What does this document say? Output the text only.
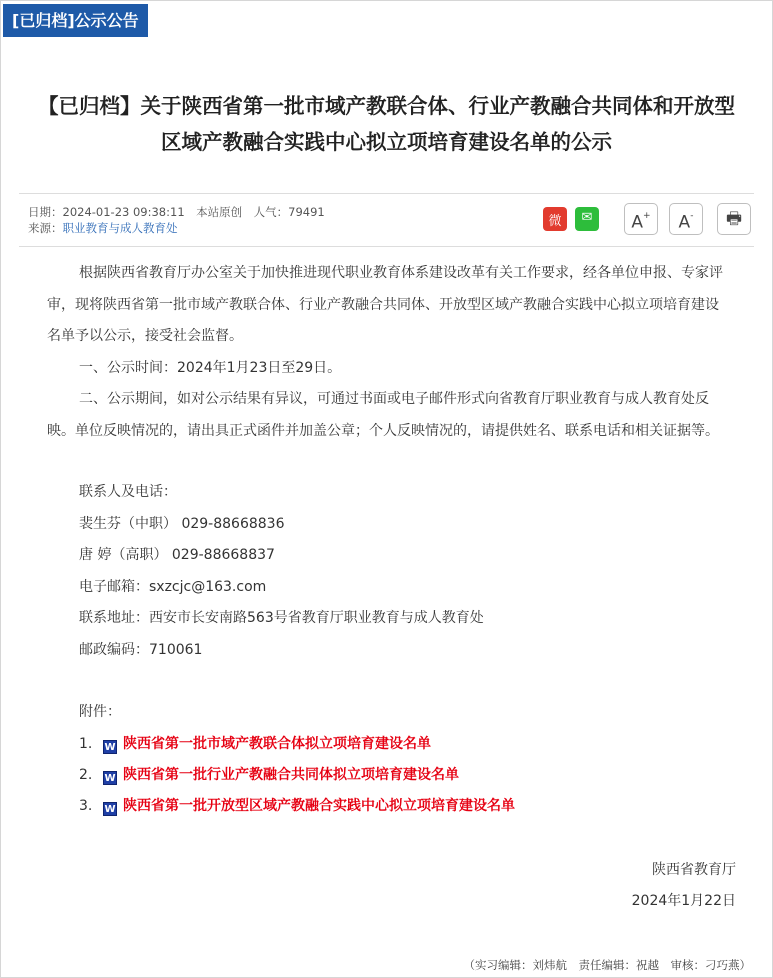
[已归档]公示公告
【已归档】关于陕西省第一批市域产教联合体、行业产教融合共同体和开放型
区域产教融合实践中心拟立项培育建设名单的公示
日期：2024-01-23 09:38:11　本站原创　人气：79491
来源：职业教育与成人教育处	微	✉	A+	A-	🖶

根据陕西省教育厅办公室关于加快推进现代职业教育体系建设改革有关工作要求，经各单位申报、专家评审，现将陕西省第一批市域产教联合体、行业产教融合共同体、开放型区域产教融合实践中心拟立项培育建设名单予以公示，接受社会监督。

一、公示时间：2024年1月23日至29日。

二、公示期间，如对公示结果有异议，可通过书面或电子邮件形式向省教育厅职业教育与成人教育处反映。单位反映情况的，请出具正式函件并加盖公章；个人反映情况的，请提供姓名、联系电话和相关证据等。

联系人及电话：
裴生芬（中职） 029-88668836
唐 婷（高职） 029-88668837
电子邮箱：sxzcjc@163.com
联系地址：西安市长安南路563号省教育厅职业教育与成人教育处
邮政编码：710061
附件：
1. W 陕西省第一批市域产教联合体拟立项培育建设名单
2. W 陕西省第一批行业产教融合共同体拟立项培育建设名单
3. W 陕西省第一批开放型区域产教融合实践中心拟立项培育建设名单
陕西省教育厅
2024年1月22日
（实习编辑：刘炜航　责任编辑：祝越　审核：刁巧燕）
